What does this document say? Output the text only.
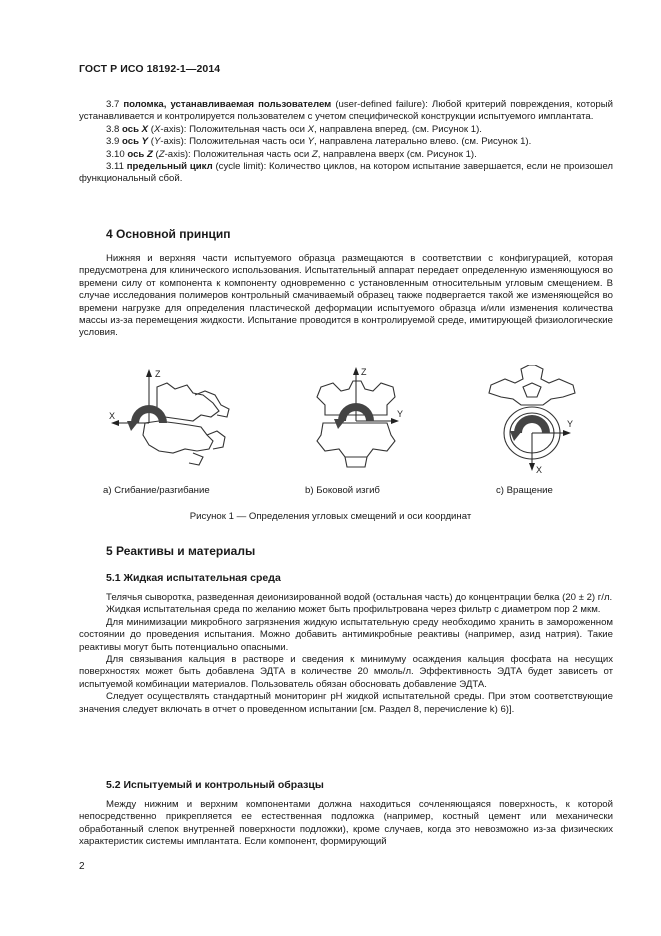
ГОСТ Р ИСО 18192-1—2014

3.7 поломка, устанавливаемая пользователем (user-defined failure): Любой критерий повреждения, который устанавливается и контролируется пользователем с учетом специфической конструкции испытуемого имплантата.

3.8 ось X (X-axis): Положительная часть оси X, направлена вперед. (см. Рисунок 1).

3.9 ось Y (Y-axis): Положительная часть оси Y, направлена латерально влево. (см. Рисунок 1).

3.10 ось Z (Z-axis): Положительная часть оси Z, направлена вверх (см. Рисунок 1).

3.11 предельный цикл (cycle limit): Количество циклов, на котором испытание завершается, если не произошел функциональный сбой.

4 Основной принцип

Нижняя и верхняя части испытуемого образца размещаются в соответствии с конфигурацией, которая предусмотрена для клинического использования. Испытательный аппарат передает определенную изменяющуюся во времени силу от компонента к компоненту одновременно с установленным относительным угловым смещением. В случае исследования полимеров контрольный смачиваемый образец также подвергается такой же изменяющейся во времени нагрузке для определения пластической деформации испытуемого образца и/или изменения количества массы из-за перемещения жидкости. Испытание проводится в контролируемой среде, имитирующей физиологические условия.

Z
X
а) Сгибание/разгибание
Z
Y
b) Боковой изгиб
Y
X
с) Вращение
Рисунок 1 — Определения угловых смещений и оси координат
5 Реактивы и материалы
5.1 Жидкая испытательная среда

Телячья сыворотка, разведенная деионизированной водой (остальная часть) до концентрации белка (20 ± 2) г/л.

Жидкая испытательная среда по желанию может быть профильтрована через фильтр с диаметром пор 2 мкм.

Для минимизации микробного загрязнения жидкую испытательную среду необходимо хранить в замороженном состоянии до проведения испытания. Можно добавить антимикробные реактивы (например, азид натрия). Такие реактивы могут быть потенциально опасными.

Для связывания кальция в растворе и сведения к минимуму осаждения кальция фосфата на несущих поверхностях может быть добавлена ЭДТА в количестве 20 ммоль/л. Эффективность ЭДТА будет зависеть от испытуемой комбинации материалов. Пользователь обязан обосновать добавление ЭДТА.

Следует осуществлять стандартный мониторинг рН жидкой испытательной среды. При этом соответствующие значения следует включать в отчет о проведенном испытании [см. Раздел 8, перечисление k) 6)].

5.2 Испытуемый и контрольный образцы

Между нижним и верхним компонентами должна находиться сочленяющаяся поверхность, к которой непосредственно прикрепляется ее естественная подложка (например, костный цемент или механически обработанный слепок внутренней поверхности подложки), кроме случаев, когда это невозможно из-за физических характеристик системы имплантата. Если компонент, формирующий

2
